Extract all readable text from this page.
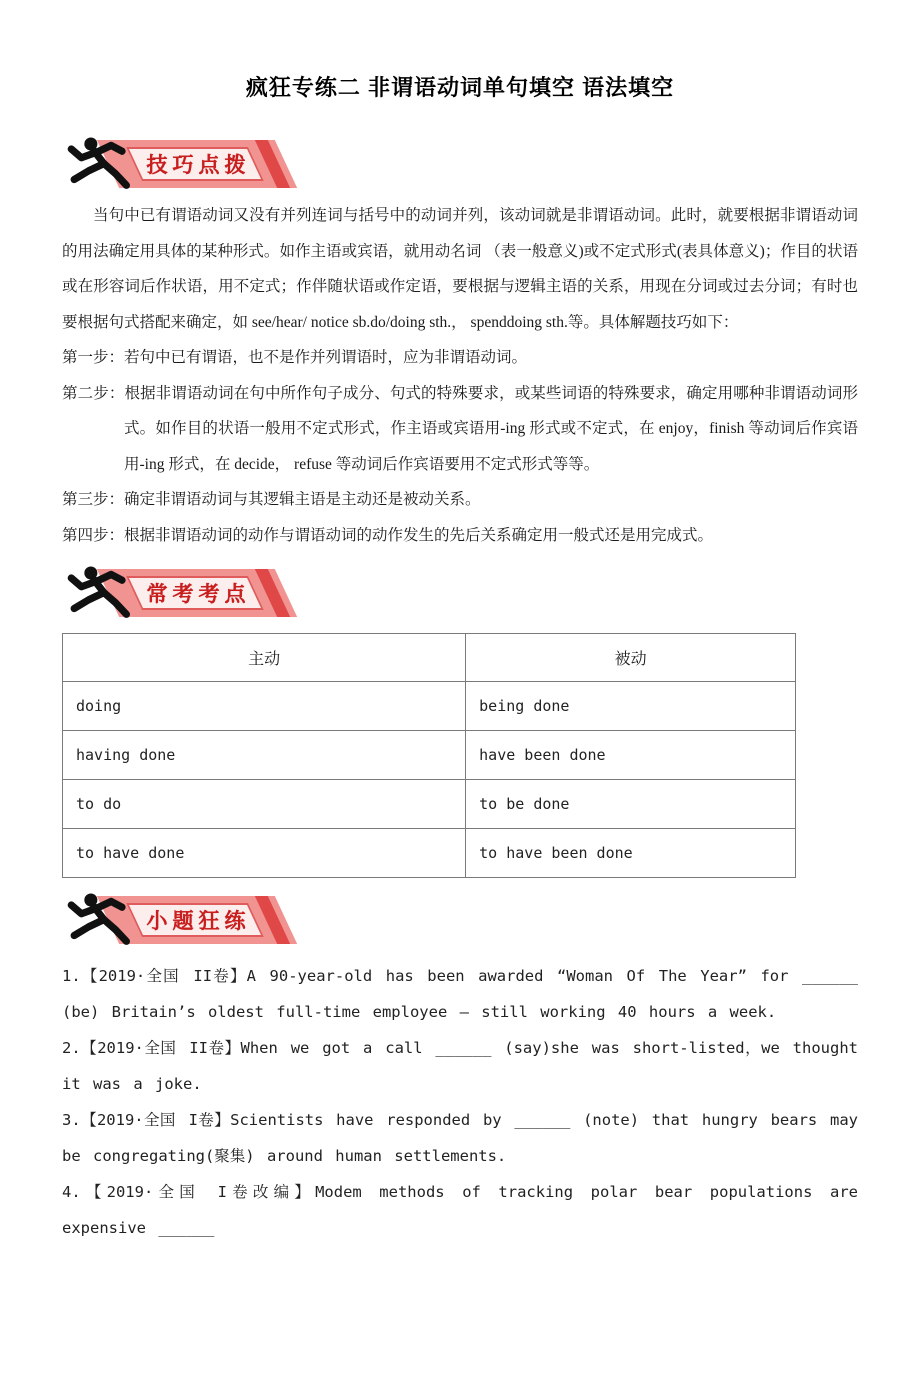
疯狂专练二 非谓语动词单句填空 语法填空
技巧点拨

当句中已有谓语动词又没有并列连词与括号中的动词并列，该动词就是非谓语动词。此时，就要根据非谓语动词的用法确定用具体的某种形式。如作主语或宾语，就用动名词 （表一般意义)或不定式形式(表具体意义)；作目的状语或在形容词后作状语，用不定式；作伴随状语或作定语，要根据与逻辑主语的关系，用现在分词或过去分词；有时也要根据句式搭配来确定，如 see/hear/ notice sb.do/doing sth.， spenddoing sth.等。具体解题技巧如下：

第一步：若句中已有谓语，也不是作并列谓语时，应为非谓语动词。

第二步：根据非谓语动词在句中所作句子成分、句式的特殊要求，或某些词语的特殊要求，确定用哪种非谓语动词形式。如作目的状语一般用不定式形式，作主语或宾语用-ing 形式或不定式，在 enjoy，finish 等动词后作宾语用-ing 形式，在 decide， refuse 等动词后作宾语要用不定式形式等等。

第三步：确定非谓语动词与其逻辑主语是主动还是被动关系。

第四步：根据非谓语动词的动作与谓语动词的动作发生的先后关系确定用一般式还是用完成式。

常考考点
主动	被动
doing	being done
having done	have been done
to do	to be done
to have done	to have been done
小题狂练

1.【2019·全国 II卷】A 90-year-old has been awarded “Woman Of The Year” for ______ (be) Britain’s oldest full-time employee — still working 40 hours a week.

2.【2019·全国 II卷】When we got a call ______ (say)she was short-listed，we thought it was a joke.

3.【2019·全国 I卷】Scientists have responded by ______ (note) that hungry bears may be congregating(聚集) around human settlements.

4.【2019·全国 I卷改编】Modem methods of tracking polar bear populations are expensive ______
